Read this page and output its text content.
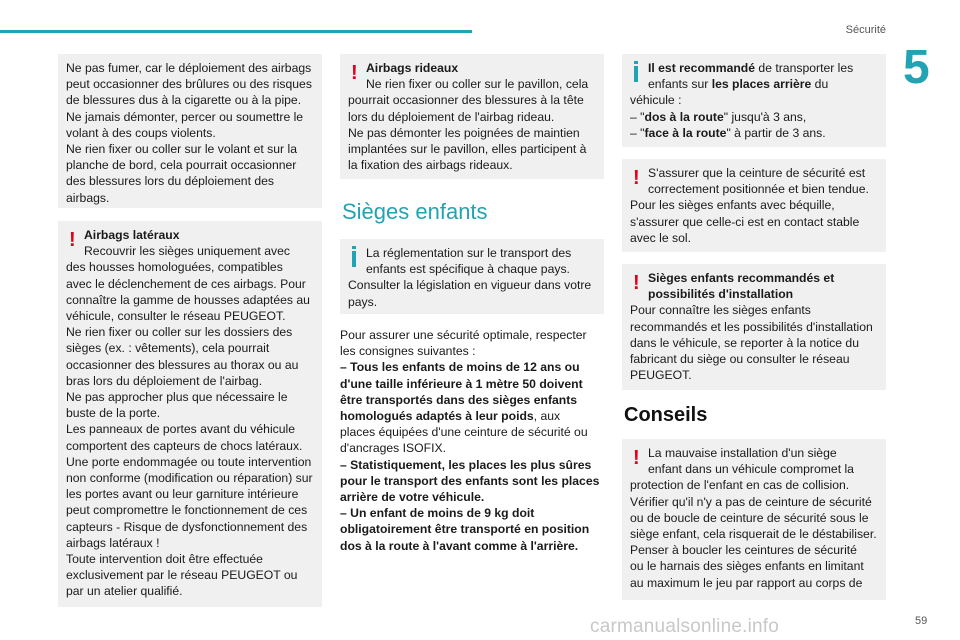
Sécurité
5

Ne pas fumer, car le déploiement des airbags

peut occasionner des brûlures ou des risques

de blessures dus à la cigarette ou à la pipe.

Ne jamais démonter, percer ou soumettre le

volant à des coups violents.

Ne rien fixer ou coller sur le volant et sur la

planche de bord, cela pourrait occasionner

des blessures lors du déploiement des

airbags.

! Airbags latéraux

Recouvrir les sièges uniquement avec

des housses homologuées, compatibles

avec le déclenchement de ces airbags. Pour

connaître la gamme de housses adaptées au

véhicule, consulter le réseau PEUGEOT.

Ne rien fixer ou coller sur les dossiers des

sièges (ex. : vêtements), cela pourrait

occasionner des blessures au thorax ou au

bras lors du déploiement de l'airbag.

Ne pas approcher plus que nécessaire le

buste de la porte.

Les panneaux de portes avant du véhicule

comportent des capteurs de chocs latéraux.

Une porte endommagée ou toute intervention

non conforme (modification ou réparation) sur

les portes avant ou leur garniture intérieure

peut compromettre le fonctionnement de ces

capteurs - Risque de dysfonctionnement des

airbags latéraux !

Toute intervention doit être effectuée

exclusivement par le réseau PEUGEOT ou

par un atelier qualifié.

! Airbags rideaux

Ne rien fixer ou coller sur le pavillon, cela

pourrait occasionner des blessures à la tête

lors du déploiement de l'airbag rideau.

Ne pas démonter les poignées de maintien

implantées sur le pavillon, elles participent à

la fixation des airbags rideaux.

Sièges enfants

La réglementation sur le transport des

enfants est spécifique à chaque pays.

Consulter la législation en vigueur dans votre

pays.

Pour assurer une sécurité optimale, respecter

les consignes suivantes :

– Tous les enfants de moins de 12 ans ou

d'une taille inférieure à 1 mètre 50 doivent

être transportés dans des sièges enfants

homologués adaptés à leur poids, aux

places équipées d'une ceinture de sécurité ou

d'ancrages ISOFIX.

– Statistiquement, les places les plus sûres

pour le transport des enfants sont les places

arrière de votre véhicule.

– Un enfant de moins de 9 kg doit

obligatoirement être transporté en position

dos à la route à l'avant comme à l'arrière.

Il est recommandé de transporter les

enfants sur les places arrière du

véhicule :

– "dos à la route" jusqu'à 3 ans,

– "face à la route" à partir de 3 ans.

! S'assurer que la ceinture de sécurité est

correctement positionnée et bien tendue.

Pour les sièges enfants avec béquille,

s'assurer que celle-ci est en contact stable

avec le sol.

! Sièges enfants recommandés et

possibilités d'installation

Pour connaître les sièges enfants

recommandés et les possibilités d'installation

dans le véhicule, se reporter à la notice du

fabricant du siège ou consulter le réseau

PEUGEOT.

Conseils
! La mauvaise installation d'un siège

enfant dans un véhicule compromet la

protection de l'enfant en cas de collision.

Vérifier qu'il n'y a pas de ceinture de sécurité

ou de boucle de ceinture de sécurité sous le

siège enfant, cela risquerait de le déstabiliser.

Penser à boucler les ceintures de sécurité

ou le harnais des sièges enfants en limitant

au maximum le jeu par rapport au corps de

carmanualsonline.info	59
